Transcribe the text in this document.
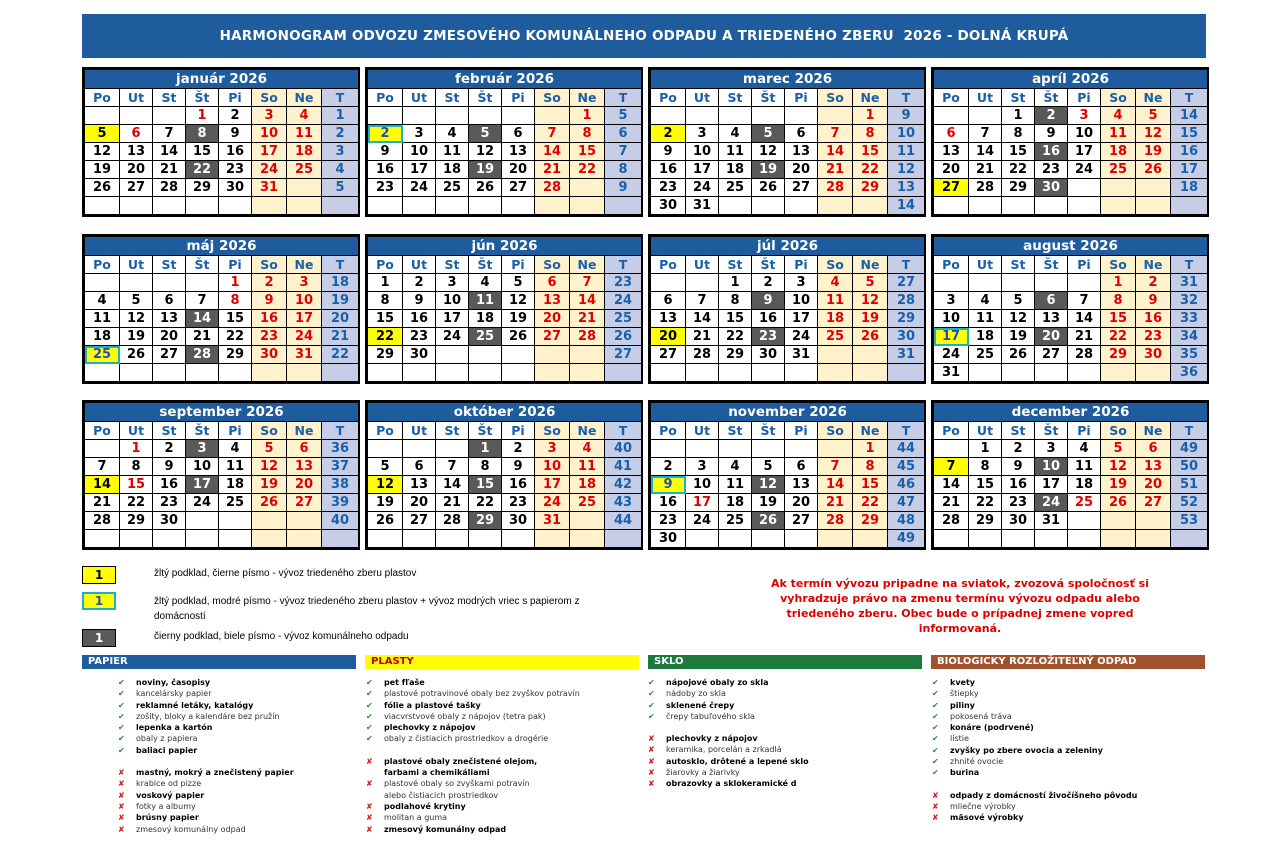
HARMONOGRAM ODVOZU ZMESOVÉHO KOMUNÁLNEHO ODPADU A TRIEDENÉHO ZBERU  2026 - DOLNÁ KRUPÁ
január 2026							
Po	Ut	St	Št	Pi	So	Ne	T
			1	2	3	4	1
5	6	7	8	9	10	11	2
12	13	14	15	16	17	18	3
19	20	21	22	23	24	25	4
26	27	28	29	30	31		5

február 2026							
Po	Ut	St	Št	Pi	So	Ne	T
						1	5
2	3	4	5	6	7	8	6
9	10	11	12	13	14	15	7
16	17	18	19	20	21	22	8
23	24	25	26	27	28		9

marec 2026							
Po	Ut	St	Št	Pi	So	Ne	T
						1	9
2	3	4	5	6	7	8	10
9	10	11	12	13	14	15	11
16	17	18	19	20	21	22	12
23	24	25	26	27	28	29	13
30	31						14
apríl 2026							
Po	Ut	St	Št	Pi	So	Ne	T
		1	2	3	4	5	14
6	7	8	9	10	11	12	15
13	14	15	16	17	18	19	16
20	21	22	23	24	25	26	17
27	28	29	30				18

máj 2026							
Po	Ut	St	Št	Pi	So	Ne	T
				1	2	3	18
4	5	6	7	8	9	10	19
11	12	13	14	15	16	17	20
18	19	20	21	22	23	24	21
25	26	27	28	29	30	31	22

jún 2026							
Po	Ut	St	Št	Pi	So	Ne	T
1	2	3	4	5	6	7	23
8	9	10	11	12	13	14	24
15	16	17	18	19	20	21	25
22	23	24	25	26	27	28	26
29	30						27

júl 2026							
Po	Ut	St	Št	Pi	So	Ne	T
		1	2	3	4	5	27
6	7	8	9	10	11	12	28
13	14	15	16	17	18	19	29
20	21	22	23	24	25	26	30
27	28	29	30	31			31

august 2026							
Po	Ut	St	Št	Pi	So	Ne	T
					1	2	31
3	4	5	6	7	8	9	32
10	11	12	13	14	15	16	33
17	18	19	20	21	22	23	34
24	25	26	27	28	29	30	35
31							36
september 2026							
Po	Ut	St	Št	Pi	So	Ne	T
	1	2	3	4	5	6	36
7	8	9	10	11	12	13	37
14	15	16	17	18	19	20	38
21	22	23	24	25	26	27	39
28	29	30					40

október 2026							
Po	Ut	St	Št	Pi	So	Ne	T
			1	2	3	4	40
5	6	7	8	9	10	11	41
12	13	14	15	16	17	18	42
19	20	21	22	23	24	25	43
26	27	28	29	30	31		44

november 2026							
Po	Ut	St	Št	Pi	So	Ne	T
						1	44
2	3	4	5	6	7	8	45
9	10	11	12	13	14	15	46
16	17	18	19	20	21	22	47
23	24	25	26	27	28	29	48
30							49
december 2026							
Po	Ut	St	Št	Pi	So	Ne	T
	1	2	3	4	5	6	49
7	8	9	10	11	12	13	50
14	15	16	17	18	19	20	51
21	22	23	24	25	26	27	52
28	29	30	31				53

1	žltý podklad, čierne písmo - vývoz triedeného zberu plastov
1	žltý podklad, modré písmo - vývoz triedeného zberu plastov + vývoz modrých vriec s papierom z domácností
1	čierny podklad, biele písmo - vývoz komunálneho odpadu
Ak termín vývozu pripadne na sviatok, zvozová spoločnosť si vyhradzuje právo na zmenu termínu vývozu odpadu alebo triedeného zberu. Obec bude o prípadnej zmene vopred informovaná.
PAPIER	PLASTY	SKLO	BIOLOGICKY ROZLOŽITEĽNÝ ODPAD
✔ noviny, časopisy
✔ kancelársky papier
✔ reklamné letáky, katalógy
✔ zošity, bloky a kalendáre bez pružín
✔ lepenka a kartón
✔ obaly z papiera
✔ baliaci papier
✘ mastný, mokrý a znečistený papier
✘ krabice od pizze
✘ voskový papier
✘ fotky a albumy
✘ brúsny papier
✘ zmesový komunálny odpad
✔ pet fľaše
✔ plastové potravinové obaly bez zvyškov potravín
✔ fólie a plastové tašky
✔ viacvrstvové obaly z nápojov (tetra pak)
✔ plechovky z nápojov
✔ obaly z čistiacich prostriedkov a drogérie
✘ plastové obaly znečistené olejom,
farbami a chemikáliami
✘ plastové obaly so zvyškami potravín
alebo čistiacich prostriedkov
✘ podlahové krytiny
✘ molitan a guma
✘ zmesový komunálny odpad
✔ nápojové obaly zo skla
✔ nádoby zo skla
✔ sklenené črepy
✔ črepy tabuľového skla
✘ plechovky z nápojov
✘ keramika, porcelán a zrkadlá
✘ autosklo, drôtené a lepené sklo
✘ žiarovky a žiarivky
✘ obrazovky a sklokeramické d
✔ kvety
✔ štiepky
✔ piliny
✔ pokosená tráva
✔ konáre (podrvené)
✔ lístie
✔ zvyšky po zbere ovocia a zeleniny
✔ zhnité ovocie
✔ burina
✘ odpady z domácností živočíšneho pôvodu
✘ mliečne výrobky
✘ mäsové výrobky
